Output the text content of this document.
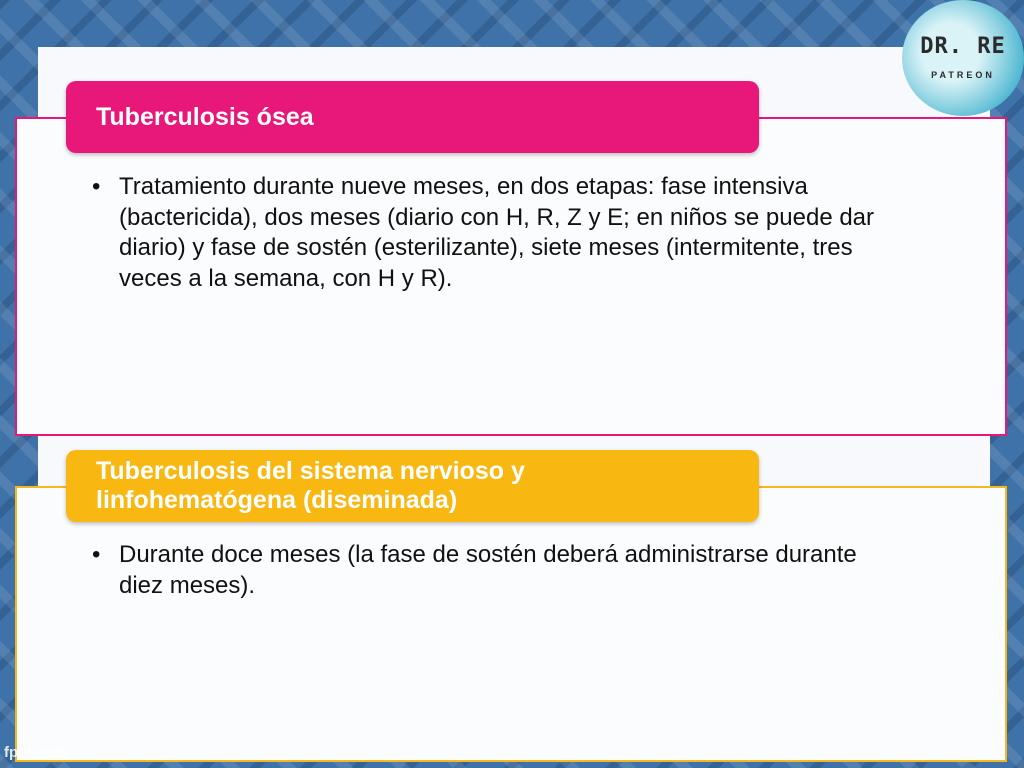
Tuberculosis ósea
• Tratamiento durante nueve meses, en dos etapas: fase intensiva (bactericida), dos meses (diario con H, R, Z y E; en niños se puede dar diario) y fase de sostén (esterilizante), siete meses (intermitente, tres veces a la semana, con H y R).
Tuberculosis del sistema nervioso y
linfohematógena (diseminada)
• Durante doce meses (la fase de sostén deberá administrarse durante diez meses).
DR. RE
PATREON
fpot.com
